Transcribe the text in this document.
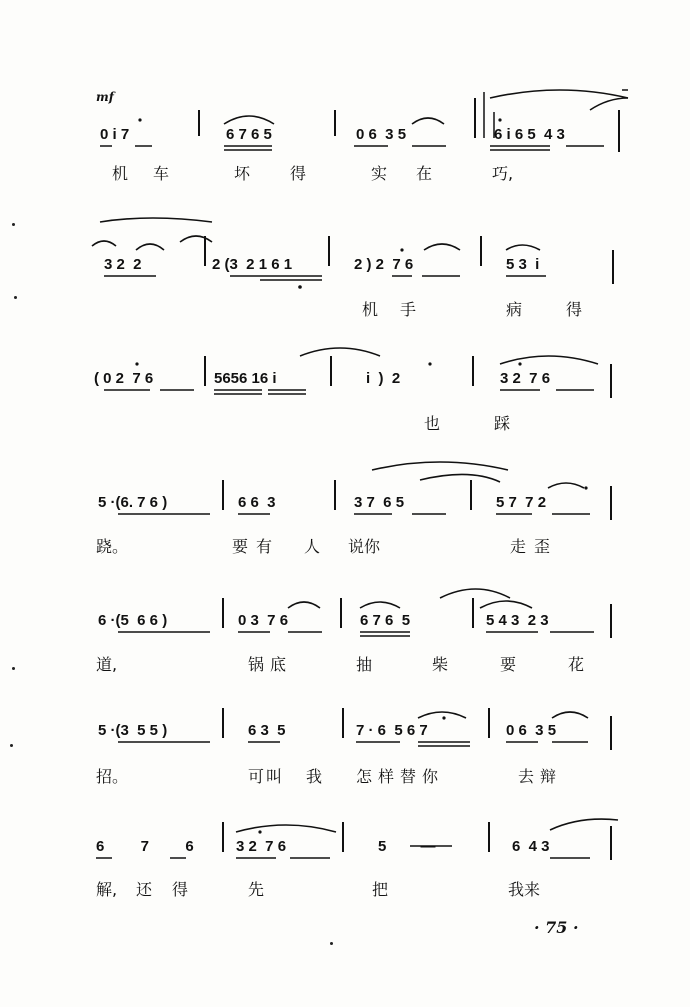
mf
0 i 7	6 7 6 5	0 6  3 5	6 i 6 5  4 3
机 车	坏 得	实 在	巧,
3 2  2	2 (3  2 1 6 1	2 ) 2  7 6	5 3  i
机 手	病	得
( 0 2  7 6	5656 16 i	i  )  2	3 2  7 6
也	踩
5 ·(6. 7 6 )	6 6  3	3 7  6 5	5 7  7 2
跷。	要有 人 说你	走歪
6 ·(5  6 6 )	0 3  7 6	6 7 6  5	5 4 3  2 3
道,	锅底	抽	柴	要	花
5 ·(3  5 5 )	6 3  5	7 · 6  5 6 7	0 6  3 5
招。	可叫 我 怎样替你	去辩
6  7  6	3 2  7 6	5 —	6  4 3
解, 还 得	先	把	我来
· 75 ·
